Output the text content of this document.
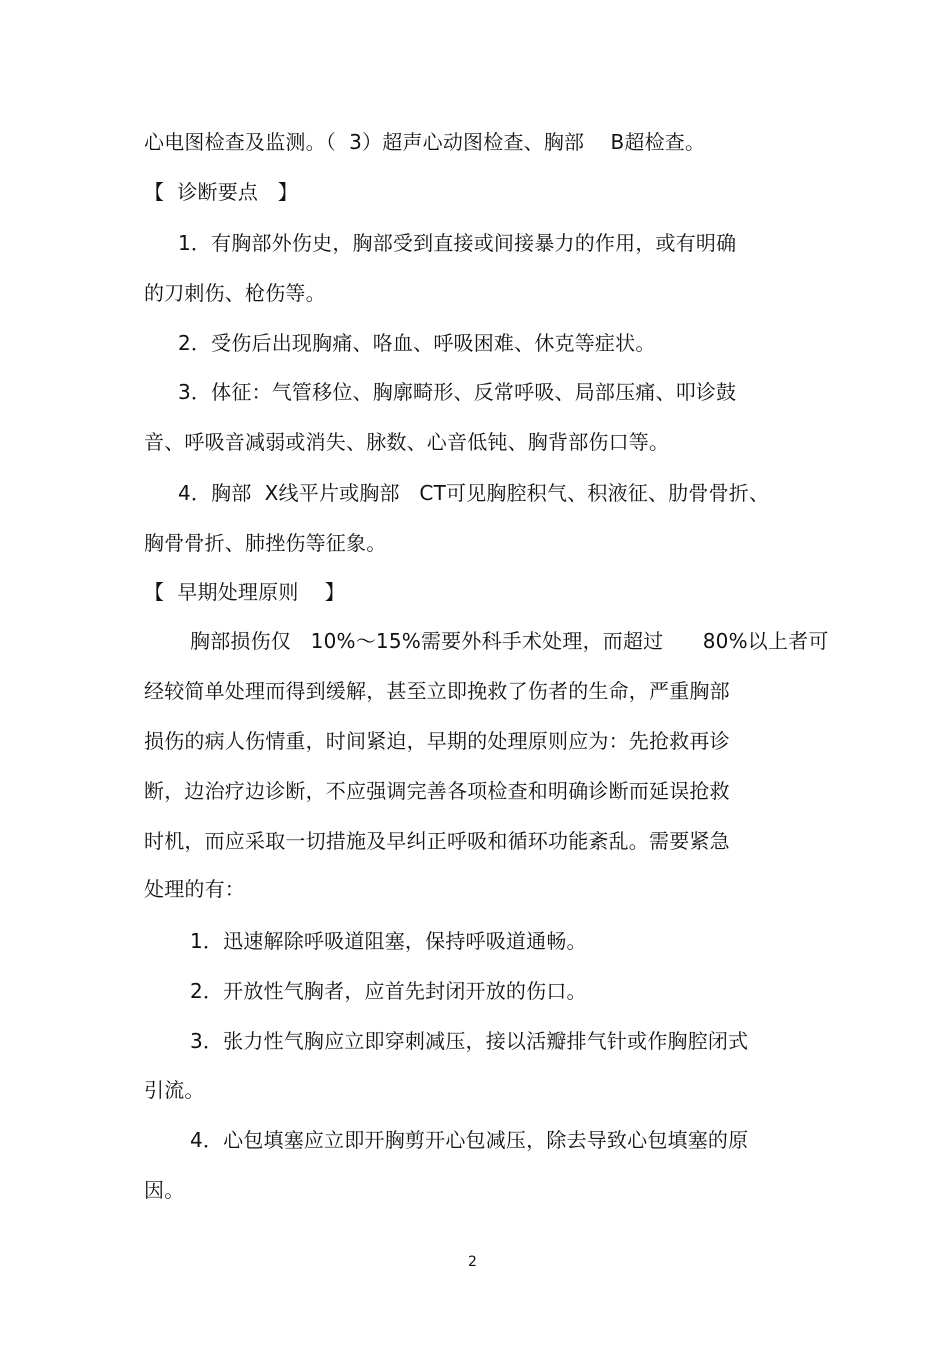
心电图检查及监测。（  3）超声心动图检查、胸部    B超检查。
【  诊断要点   】
1．有胸部外伤史，胸部受到直接或间接暴力的作用，或有明确
的刀刺伤、枪伤等。
2．受伤后出现胸痛、咯血、呼吸困难、休克等症状。
3．体征：气管移位、胸廓畸形、反常呼吸、局部压痛、叩诊鼓
音、呼吸音减弱或消失、脉数、心音低钝、胸背部伤口等。
4．胸部  X线平片或胸部   CT可见胸腔积气、积液征、肋骨骨折、
胸骨骨折、肺挫伤等征象。
【  早期处理原则    】
胸部损伤仅   10%～15%需要外科手术处理，而超过      80%以上者可
经较简单处理而得到缓解，甚至立即挽救了伤者的生命，严重胸部
损伤的病人伤情重，时间紧迫，早期的处理原则应为：先抢救再诊
断，边治疗边诊断，不应强调完善各项检查和明确诊断而延误抢救
时机，而应采取一切措施及早纠正呼吸和循环功能紊乱。需要紧急
处理的有：
1．迅速解除呼吸道阻塞，保持呼吸道通畅。
2．开放性气胸者，应首先封闭开放的伤口。
3．张力性气胸应立即穿刺减压，接以活瓣排气针或作胸腔闭式
引流。
4．心包填塞应立即开胸剪开心包减压，除去导致心包填塞的原
因。
2
